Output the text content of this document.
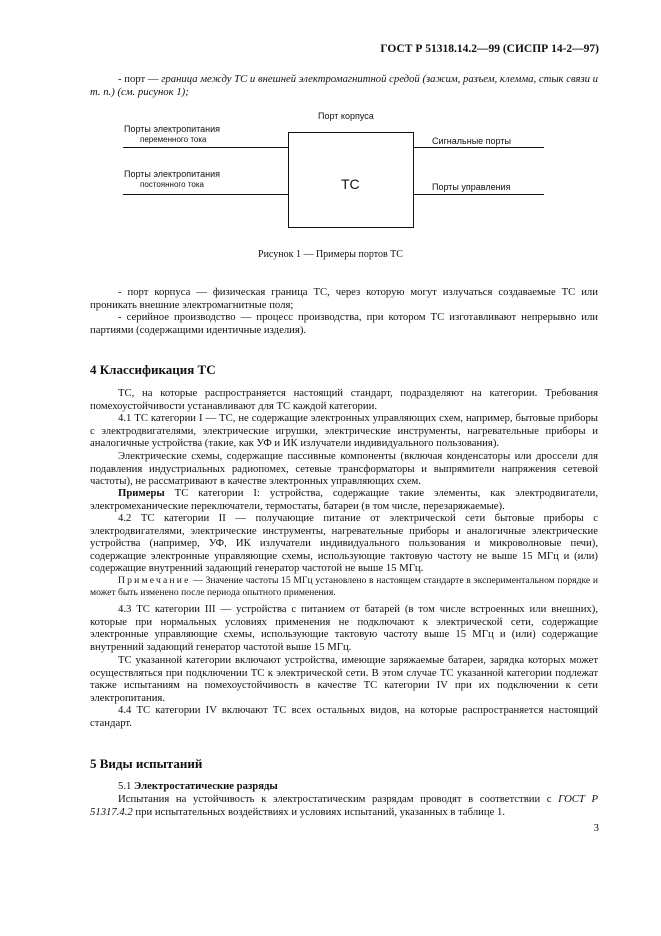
ГОСТ Р 51318.14.2—99 (СИСПР 14-2—97)

- порт — граница между ТС и внешней электромагнитной средой (зажим, разъем, клемма, стык связи и т. п.) (см. рисунок 1);

Порт корпуса
ТС
Порты электропитания
переменного тока
Порты электропитания
постоянного тока
Сигнальные порты
Порты управления
Рисунок 1 — Примеры портов ТС

- порт корпуса — физическая граница ТС, через которую могут излучаться создаваемые ТС или проникать внешние электромагнитные поля;

- серийное производство — процесс производства, при котором ТС изготавливают непрерывно или партиями (содержащими идентичные изделия).

4 Классификация ТС

ТС, на которые распространяется настоящий стандарт, подразделяют на категории. Требования помехоустойчивости устанавливают для ТС каждой категории.

4.1 ТС категории I — ТС, не содержащие электронных управляющих схем, например, бытовые приборы с электродвигателями, электрические игрушки, электрические инструменты, нагревательные приборы и аналогичные устройства (такие, как УФ и ИК излучатели индивидуального пользования).

Электрические схемы, содержащие пассивные компоненты (включая конденсаторы или дроссели для подавления индустриальных радиопомех, сетевые трансформаторы и выпрямители напряжения сетевой частоты), не рассматривают в качестве электронных управляющих схем.

Примеры ТС категории I: устройства, содержащие такие элементы, как электродвигатели, электромеханические переключатели, термостаты, батареи (в том числе, перезаряжаемые).

4.2 ТС категории II — получающие питание от электрической сети бытовые приборы с электродвигателями, электрические инструменты, нагревательные приборы и аналогичные электрические устройства (например, УФ, ИК излучатели индивидуального пользования и микроволновые печи), содержащие электронные управляющие схемы, использующие тактовую частоту не выше 15 МГц и (или) содержащие внутренний задающий генератор частотой не выше 15 МГц.

Примечание — Значение частоты 15 МГц установлено в настоящем стандарте в экспериментальном порядке и может быть изменено после периода опытного применения.

4.3 ТС категории III — устройства с питанием от батарей (в том числе встроенных или внешних), которые при нормальных условиях применения не подключают к электрической сети, содержащие электронные управляющие схемы, использующие тактовую частоту выше 15 МГц и (или) содержащие внутренний задающий генератор частотой выше 15 МГц.

ТС указанной категории включают устройства, имеющие заряжаемые батареи, зарядка которых может осуществляться при подключении ТС к электрической сети. В этом случае ТС указанной категории подлежат также испытаниям на помехоустойчивость в качестве ТС категории IV при их подключении к сети электропитания.

4.4 ТС категории IV включают ТС всех остальных видов, на которые распространяется настоящий стандарт.

5 Виды испытаний

5.1 Электростатические разряды

Испытания на устойчивость к электростатическим разрядам проводят в соответствии с ГОСТ Р 51317.4.2 при испытательных воздействиях и условиях испытаний, указанных в таблице 1.

3
